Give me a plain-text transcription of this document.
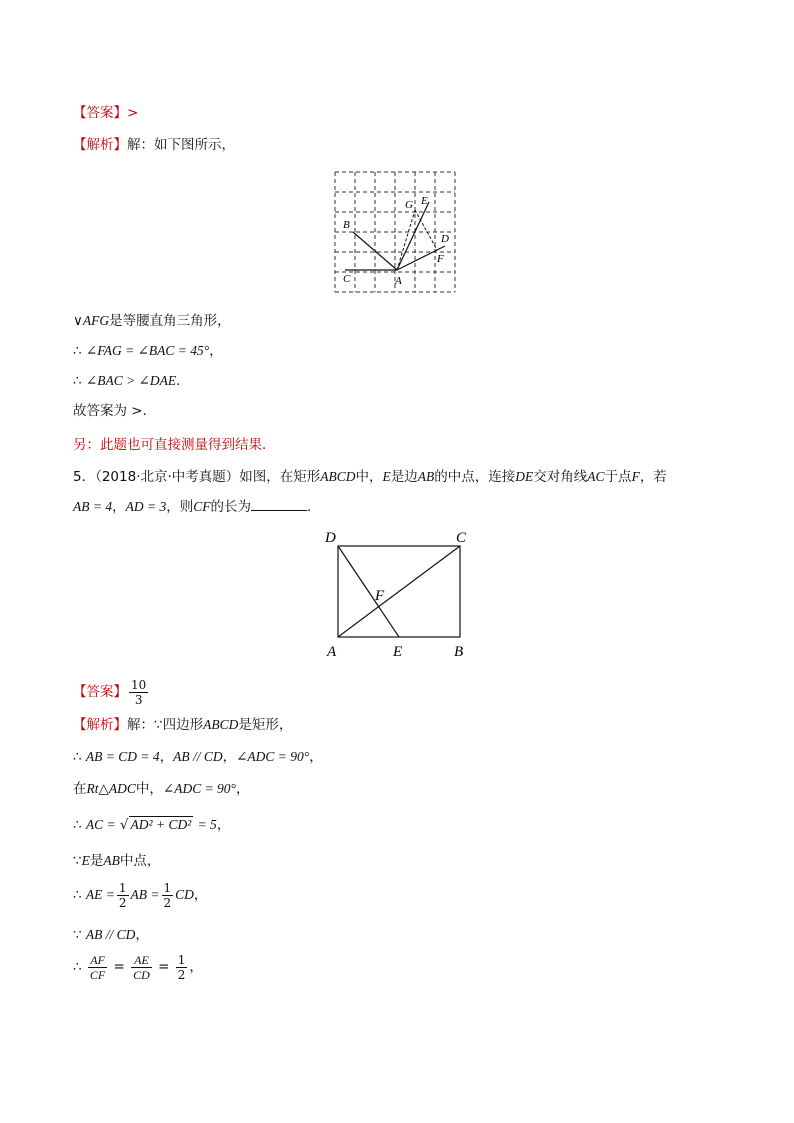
【答案】>
【解析】解：如下图所示，
B
C	A
G E
D
F
∨AFG是等腰直角三角形，
∴ ∠FAG = ∠BAC = 45°，
∴ ∠BAC > ∠DAE．
故答案为 >.
另：此题也可直接测量得到结果．
5．（2018·北京·中考真题）如图，在矩形ABCD中，E是边AB的中点，连接DE交对角线AC于点F，若
AB = 4，AD = 3，则CF的长为	．
D	C
F
A	E	B
【答案】 $\frac{10}{3}$
【解析】解：∵四边形ABCD是矩形，
∴ AB = CD = 4，AB // CD，∠ADC = 90°，
在Rt△ADC中，∠ADC = 90°，
∴ AC = √ AD² + CD² = 5，
∵E是AB中点，
∴ AE = $\frac{1}{2}$ AB = $\frac{1}{2}$ CD，
∵ AB // CD，
∴ $\frac{AF}{CF} = \frac{AE}{CD} = \frac{1}{2}$ ，
